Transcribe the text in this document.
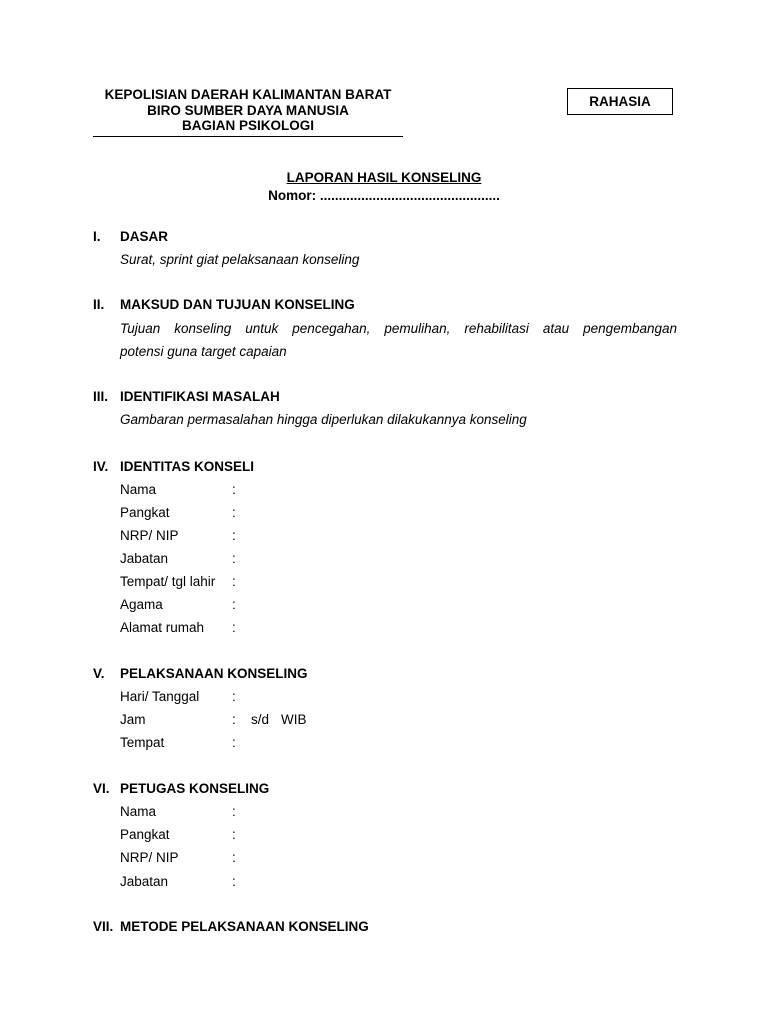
KEPOLISIAN DAERAH KALIMANTAN BARAT
BIRO SUMBER DAYA MANUSIA
BAGIAN PSIKOLOGI
RAHASIA
LAPORAN HASIL KONSELING
Nomor: ................................................
I. DASAR
Surat, sprint giat pelaksanaan konseling
II. MAKSUD DAN TUJUAN KONSELING
Tujuan konseling untuk pencegahan, pemulihan, rehabilitasi atau pengembangan
potensi guna target capaian
III. IDENTIFIKASI MASALAH
Gambaran permasalahan hingga diperlukan dilakukannya konseling
IV. IDENTITAS KONSELI
Nama	:
Pangkat	:
NRP/ NIP	:
Jabatan	:
Tempat/ tgl lahir :
Agama	:
Alamat rumah :
V. PELAKSANAAN KONSELING
Hari/ Tanggal :
Jam	: s/d WIB
Tempat	:
VI. PETUGAS KONSELING
Nama	:
Pangkat	:
NRP/ NIP	:
Jabatan	:
VII. METODE PELAKSANAAN KONSELING
